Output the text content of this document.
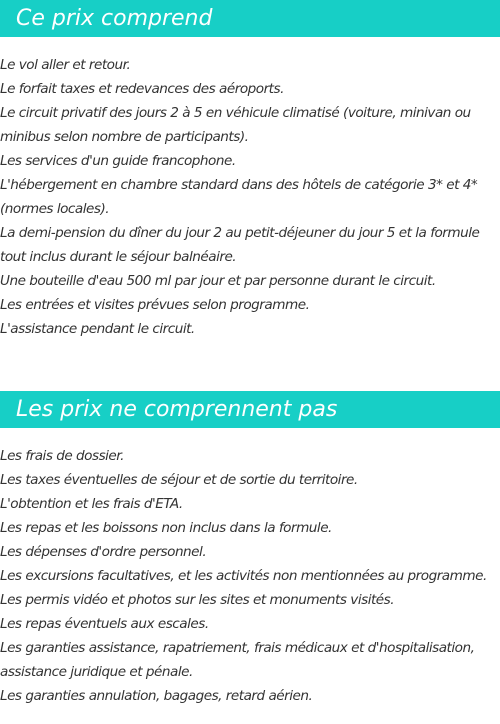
Ce prix comprend
Le vol aller et retour.
Le forfait taxes et redevances des aéroports.
Le circuit privatif des jours 2 à 5 en véhicule climatisé (voiture, minivan ou minibus selon nombre de participants).
Les services d'un guide francophone.
L'hébergement en chambre standard dans des hôtels de catégorie 3* et 4* (normes locales).
La demi-pension du dîner du jour 2 au petit-déjeuner du jour 5 et la formule tout inclus durant le séjour balnéaire.
Une bouteille d'eau 500 ml par jour et par personne durant le circuit.
Les entrées et visites prévues selon programme.
L'assistance pendant le circuit.
Les prix ne comprennent pas
Les frais de dossier.
Les taxes éventuelles de séjour et de sortie du territoire.
L'obtention et les frais d'ETA.
Les repas et les boissons non inclus dans la formule.
Les dépenses d'ordre personnel.
Les excursions facultatives, et les activités non mentionnées au programme.
Les permis vidéo et photos sur les sites et monuments visités.
Les repas éventuels aux escales.
Les garanties assistance, rapatriement, frais médicaux et d'hospitalisation, assistance juridique et pénale.
Les garanties annulation, bagages, retard aérien.
